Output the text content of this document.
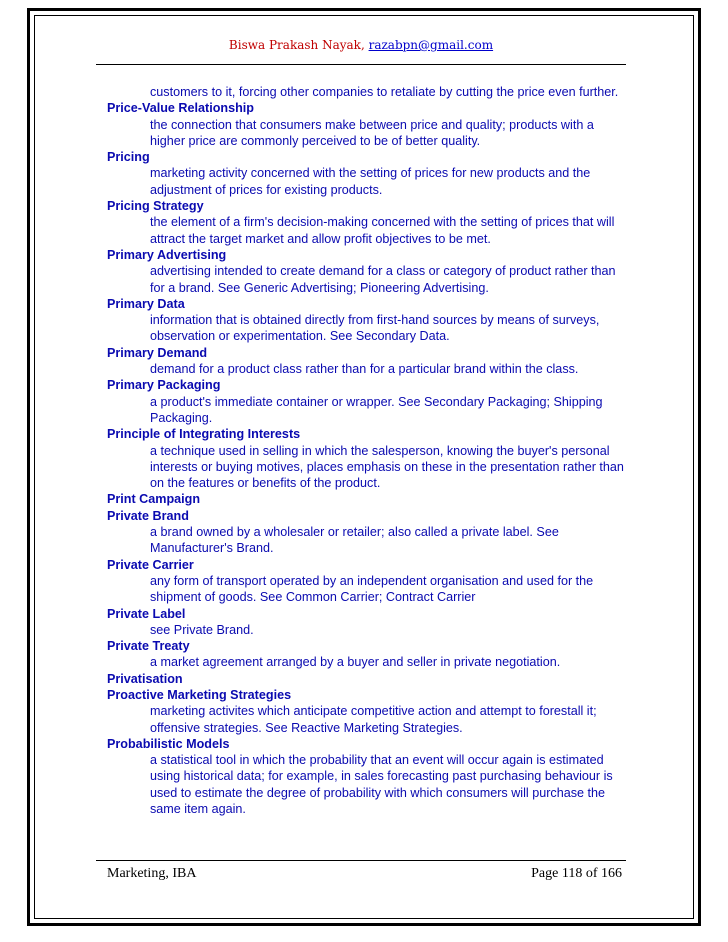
Biswa Prakash Nayak, razabpn@gmail.com
customers to it, forcing other companies to retaliate by cutting the price even further.
Price-Value Relationship
the connection that consumers make between price and quality; products with a higher price are commonly perceived to be of better quality.
Pricing
marketing activity concerned with the setting of prices for new products and the adjustment of prices for existing products.
Pricing Strategy
the element of a firm's decision-making concerned with the setting of prices that will attract the target market and allow profit objectives to be met.
Primary Advertising
advertising intended to create demand for a class or category of product rather than for a brand. See Generic Advertising; Pioneering Advertising.
Primary Data
information that is obtained directly from first-hand sources by means of surveys, observation or experimentation. See Secondary Data.
Primary Demand
demand for a product class rather than for a particular brand within the class.
Primary Packaging
a product's immediate container or wrapper. See Secondary Packaging; Shipping Packaging.
Principle of Integrating Interests
a technique used in selling in which the salesperson, knowing the buyer's personal interests or buying motives, places emphasis on these in the presentation rather than on the features or benefits of the product.
Print Campaign
Private Brand
a brand owned by a wholesaler or retailer; also called a private label. See Manufacturer's Brand.
Private Carrier
any form of transport operated by an independent organisation and used for the shipment of goods. See Common Carrier; Contract Carrier
Private Label
see Private Brand.
Private Treaty
a market agreement arranged by a buyer and seller in private negotiation.
Privatisation
Proactive Marketing Strategies
marketing activites which anticipate competitive action and attempt to forestall it; offensive strategies. See Reactive Marketing Strategies.
Probabilistic Models
a statistical tool in which the probability that an event will occur again is estimated using historical data; for example, in sales forecasting past purchasing behaviour is used to estimate the degree of probability with which consumers will purchase the same item again.
Marketing, IBA	Page 118 of 166
